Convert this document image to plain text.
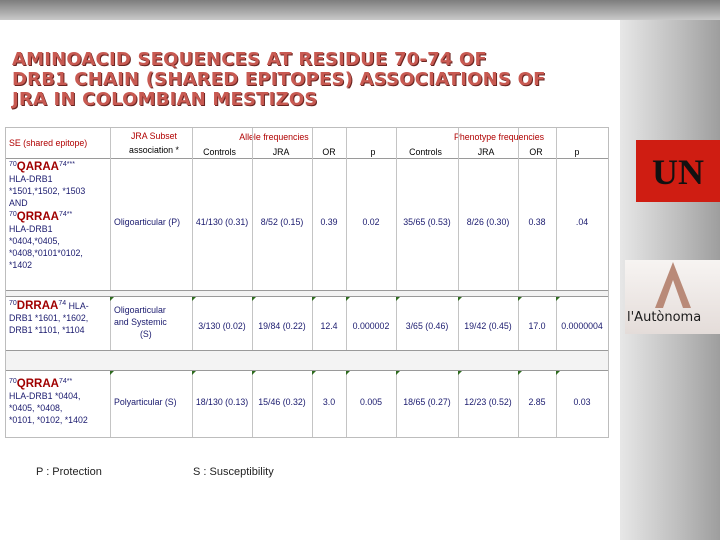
AMINOACID SEQUENCES AT RESIDUE 70-74 OF
DRB1 CHAIN (SHARED EPITOPES) ASSOCIATIONS OF
JRA IN COLOMBIAN MESTIZOS
SE (shared epitope)
JRA Subset
association *
Allele frequencies	Phenotype frequencies
Controls	JRA	OR	p	Controls	JRA	OR	p
$^{70}QARAA^{74***}$
HLA-DRB1
*1501,*1502, *1503
AND
$^{70}QRRAA^{74**}$
HLA-DRB1
*0404,*0405,
*0408,*0101*0102,
*1402
Oligoarticular (P)	41/130 (0.31)	8/52 (0.15)	0.39	0.02	35/65 (0.53)	8/26 (0.30)	0.38	.04
$^{70}$DRRAA$^{74}$ HLA-
DRB1 *1601, *1602,
DRB1 *1101, *1104
Oligoarticular
and Systemic
(S)
3/130 (0.02)	19/84 (0.22)	12.4	0.000002	3/65 (0.46)	19/42 (0.45)	17.0	0.0000004
$^{70}QRRAA^{74**}$
HLA-DRB1 *0404,
*0405, *0408,
*0101, *0102, *1402
Polyarticular (S)	18/130 (0.13)	15/46 (0.32)	3.0	0.005	18/65 (0.27)	12/23 (0.52)	2.85	0.03
P : Protection	S : Susceptibility
UN
l'Autònoma
